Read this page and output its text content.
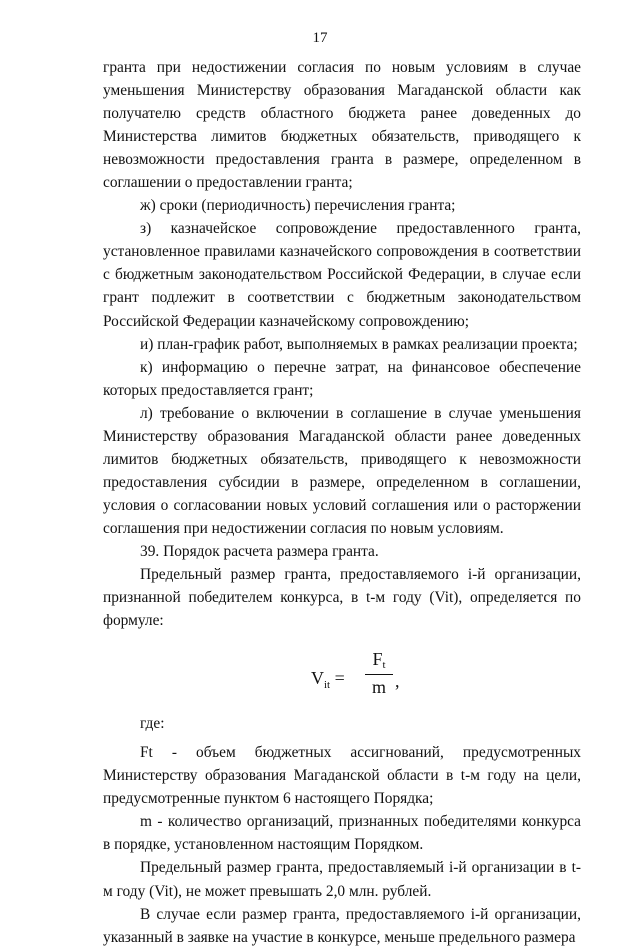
17

гранта при недостижении согласия по новым условиям в случае уменьшения Министерству образования Магаданской области как получателю средств областного бюджета ранее доведенных до Министерства лимитов бюджетных обязательств, приводящего к невозможности предоставления гранта в размере, определенном в соглашении о предоставлении гранта;

ж) сроки (периодичность) перечисления гранта;

з) казначейское сопровождение предоставленного гранта, установленное правилами казначейского сопровождения в соответствии с бюджетным законодательством Российской Федерации, в случае если грант подлежит в соответствии с бюджетным законодательством Российской Федерации казначейскому сопровождению;

и) план-график работ, выполняемых в рамках реализации проекта;

к) информацию о перечне затрат, на финансовое обеспечение которых предоставляется грант;

л) требование о включении в соглашение в случае уменьшения Министерству образования Магаданской области ранее доведенных лимитов бюджетных обязательств, приводящего к невозможности предоставления субсидии в размере, определенном в соглашении, условия о согласовании новых условий соглашения или о расторжении соглашения при недостижении согласия по новым условиям.

39. Порядок расчета размера гранта.

Предельный размер гранта, предоставляемого i-й организации, признанной победителем конкурса, в t-м году (Vit), определяется по формуле:

$V_{it}$ =
$F_t$
m ,

где:

Ft - объем бюджетных ассигнований, предусмотренных Министерству образования Магаданской области в t-м году на цели, предусмотренные пунктом 6 настоящего Порядка;

m - количество организаций, признанных победителями конкурса в порядке, установленном настоящим Порядком.

Предельный размер гранта, предоставляемый i-й организации в t-м году (Vit), не может превышать 2,0 млн. рублей.

В случае если размер гранта, предоставляемого i-й организации, указанный в заявке на участие в конкурсе, меньше предельного размера
